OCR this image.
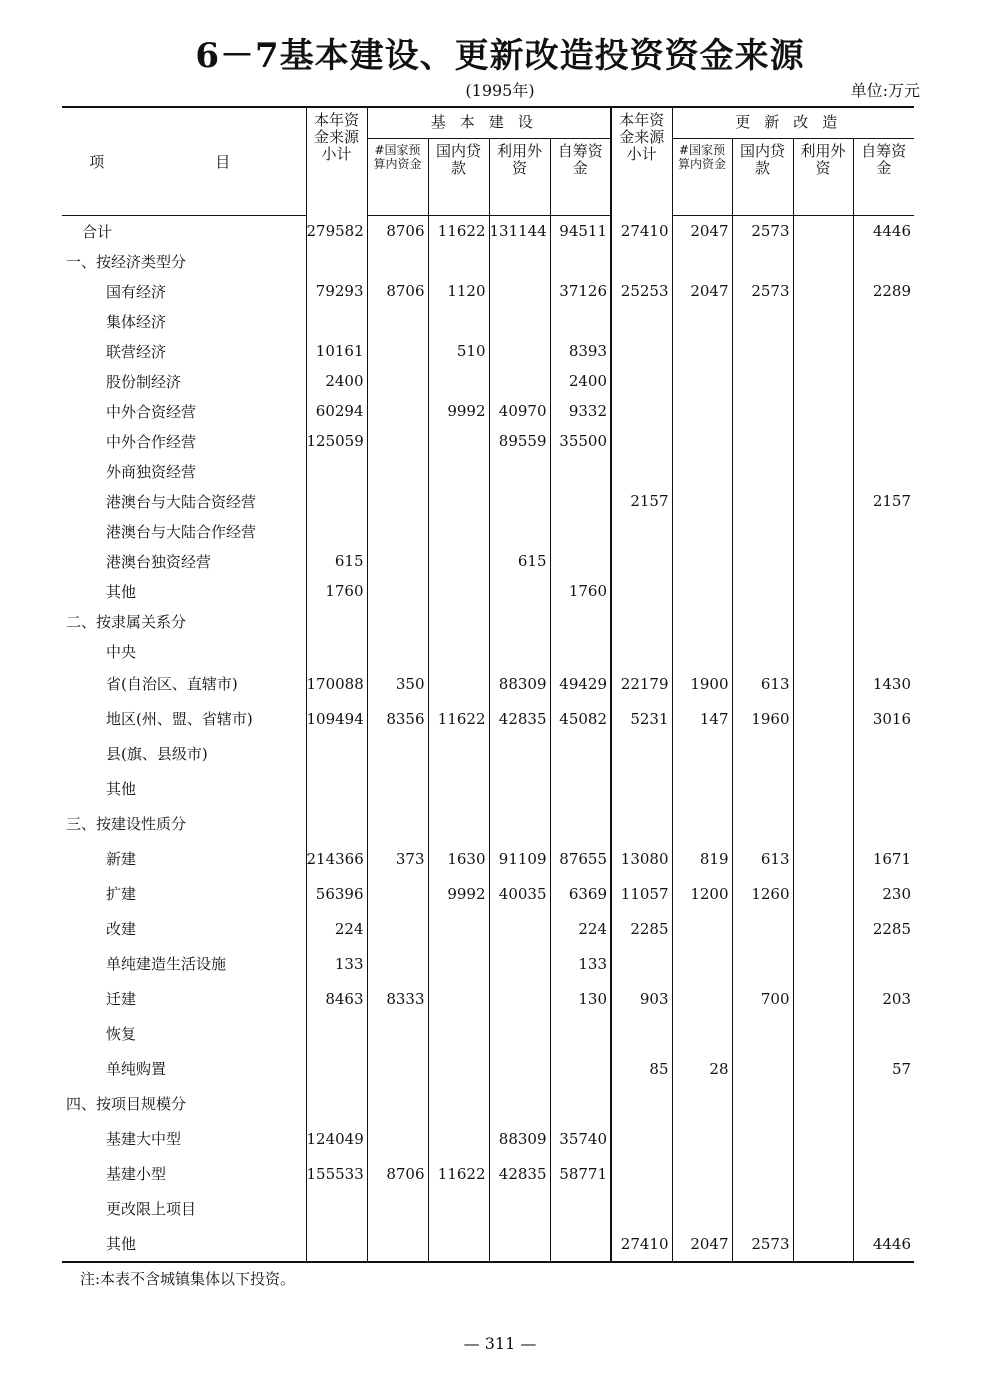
6－7基本建设、更新改造投资资金来源
(1995年)	单位:万元
项　目	本年资金来源小计	基本建设				本年资金来源小计	更新改造			
		#国家预算内资金	国内贷款	利用外资	自筹资金		#国家预算内资金	国内贷款	利用外资	自筹资金
合计	279582	8706	11622	131144	94511	27410	2047	2573		4446
一、按经济类型分										
国有经济	79293	8706	1120		37126	25253	2047	2573		2289
集体经济										
联营经济	10161		510		8393					
股份制经济	2400				2400					
中外合资经营	60294		9992	40970	9332					
中外合作经营	125059			89559	35500					
外商独资经营										
港澳台与大陆合资经营						2157				2157
港澳台与大陆合作经营										
港澳台独资经营	615			615						
其他	1760				1760					
二、按隶属关系分										
中央										
省(自治区、直辖市)	170088	350		88309	49429	22179	1900	613		1430
地区(州、盟、省辖市)	109494	8356	11622	42835	45082	5231	147	1960		3016
县(旗、县级市)										
其他										
三、按建设性质分										
新建	214366	373	1630	91109	87655	13080	819	613		1671
扩建	56396		9992	40035	6369	11057	1200	1260		230
改建	224				224	2285				2285
单纯建造生活设施	133				133					
迁建	8463	8333			130	903		700		203
恢复										
单纯购置						85	28			57
四、按项目规模分										
基建大中型	124049			88309	35740					
基建小型	155533	8706	11622	42835	58771					
更改限上项目										
其他						27410	2047	2573		4446
注:本表不含城镇集体以下投资。
— 311 —
